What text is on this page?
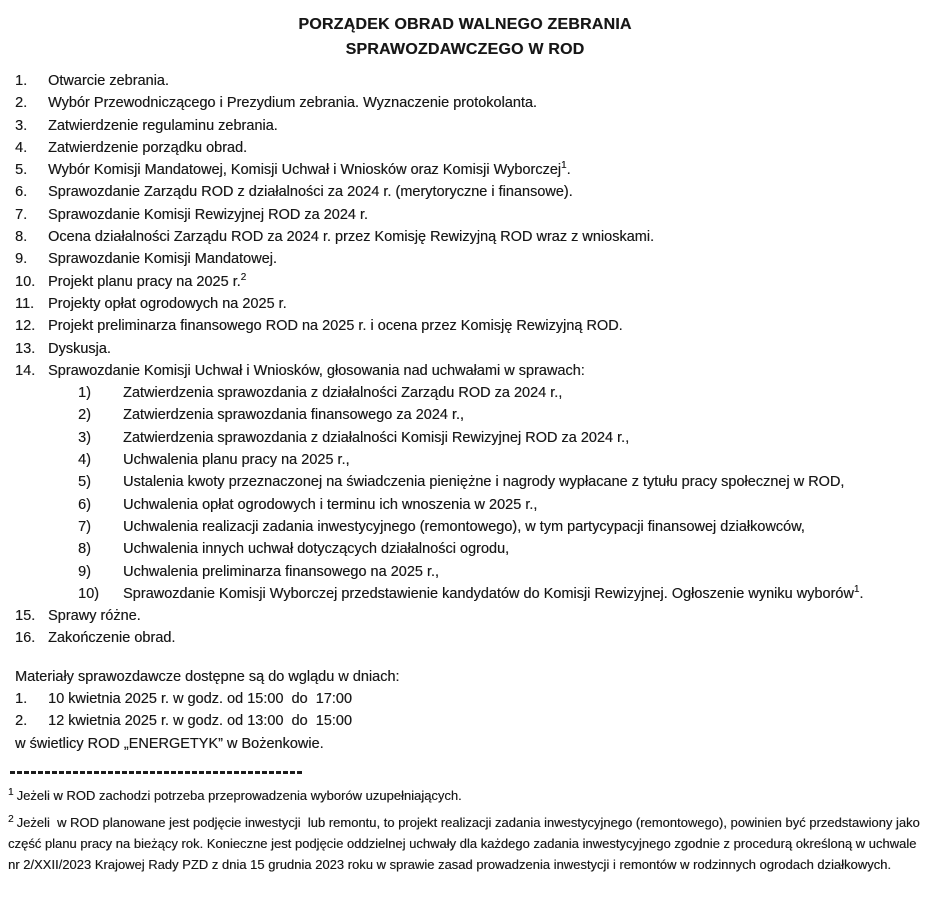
PORZĄDEK OBRAD WALNEGO ZEBRANIA
SPRAWOZDAWCZEGO W ROD
1.	Otwarcie zebrania.
2.	Wybór Przewodniczącego i Prezydium zebrania. Wyznaczenie protokolanta.
3.	Zatwierdzenie regulaminu zebrania.
4.	Zatwierdzenie porządku obrad.
5.	Wybór Komisji Mandatowej, Komisji Uchwał i Wniosków oraz Komisji Wyborczej$^1$.
6.	Sprawozdanie Zarządu ROD z działalności za 2024 r. (merytoryczne i finansowe).
7.	Sprawozdanie Komisji Rewizyjnej ROD za 2024 r.
8.	Ocena działalności Zarządu ROD za 2024 r. przez Komisję Rewizyjną ROD wraz z wnioskami.
9.	Sprawozdanie Komisji Mandatowej.
10. Projekt planu pracy na 2025 r.$^2$
11. Projekty opłat ogrodowych na 2025 r.
12. Projekt preliminarza finansowego ROD na 2025 r. i ocena przez Komisję Rewizyjną ROD.
13. Dyskusja.
14. Sprawozdanie Komisji Uchwał i Wniosków, głosowania nad uchwałami w sprawach:
1)	Zatwierdzenia sprawozdania z działalności Zarządu ROD za 2024 r.,
2)	Zatwierdzenia sprawozdania finansowego za 2024 r.,
3)	Zatwierdzenia sprawozdania z działalności Komisji Rewizyjnej ROD za 2024 r.,
4)	Uchwalenia planu pracy na 2025 r.,
5)	Ustalenia kwoty przeznaczonej na świadczenia pieniężne i nagrody wypłacane z tytułu pracy społecznej w ROD,
6)	Uchwalenia opłat ogrodowych i terminu ich wnoszenia w 2025 r.,
7)	Uchwalenia realizacji zadania inwestycyjnego (remontowego), w tym partycypacji finansowej działkowców,
8)	Uchwalenia innych uchwał dotyczących działalności ogrodu,
9)	Uchwalenia preliminarza finansowego na 2025 r.,
10)	Sprawozdanie Komisji Wyborczej przedstawienie kandydatów do Komisji Rewizyjnej. Ogłoszenie wyniku wyborów$^1$.
15. Sprawy różne.
16. Zakończenie obrad.
Materiały sprawozdawcze dostępne są do wglądu w dniach:
1.	10 kwietnia 2025 r. w godz. od 15:00  do  17:00
2.	12 kwietnia 2025 r. w godz. od 13:00  do  15:00
w świetlicy ROD „ENERGETYK” w Bożenkowie.
$^1$ Jeżeli w ROD zachodzi potrzeba przeprowadzenia wyborów uzupełniających.
$^2$ Jeżeli  w ROD planowane jest podjęcie inwestycji  lub remontu, to projekt realizacji zadania inwestycyjnego (remontowego), powinien być przedstawiony jako część planu pracy na bieżący rok. Konieczne jest podjęcie oddzielnej uchwały dla każdego zadania inwestycyjnego zgodnie z procedurą określoną w uchwale nr 2/XXII/2023 Krajowej Rady PZD z dnia 15 grudnia 2023 roku w sprawie zasad prowadzenia inwestycji i remontów w rodzinnych ogrodach działkowych.
